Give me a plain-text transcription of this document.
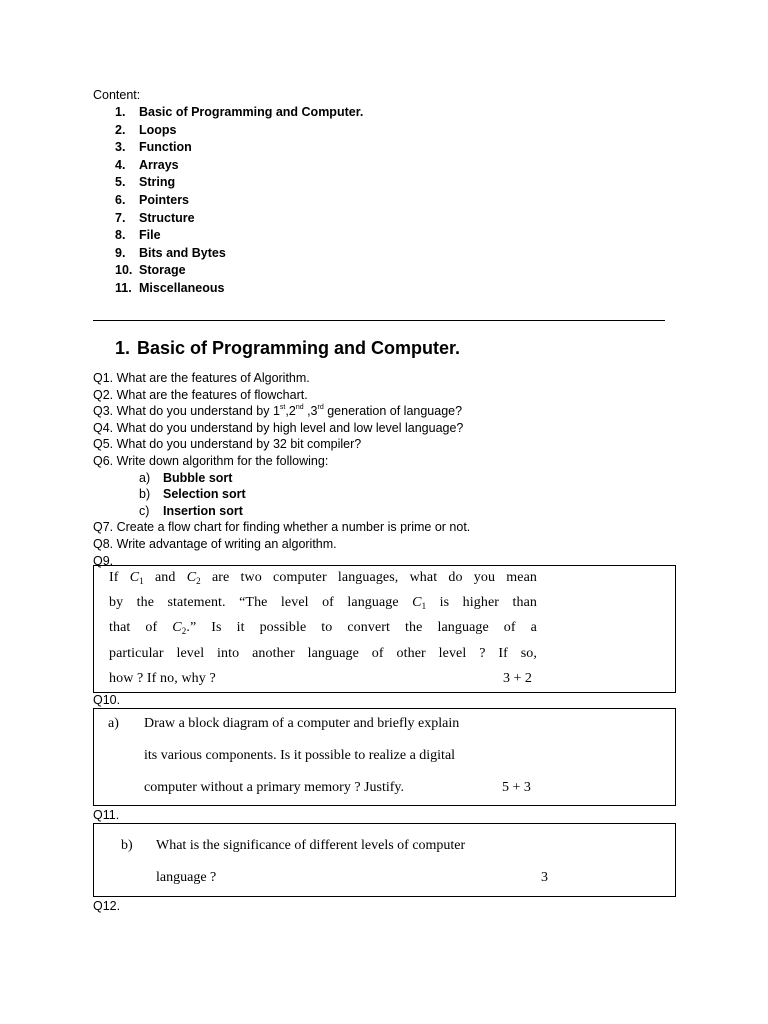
Content:
1.	Basic of Programming and Computer.
2.	Loops
3.	Function
4.	Arrays
5.	String
6.	Pointers
7.	Structure
8.	File
9.	Bits and Bytes
10. Storage
11. Miscellaneous
1. Basic of Programming and Computer.
Q1. What are the features of Algorithm.
Q2. What are the features of flowchart.
Q3. What do you understand by 1st,2nd ,3rd generation of language?
Q4. What do you understand by high level and low level language?
Q5. What do you understand by 32 bit compiler?
Q6. Write down algorithm for the following:
a)	Bubble sort
b)	Selection sort
c)	Insertion sort
Q7. Create a flow chart for finding whether a number is prime or not.
Q8. Write advantage of writing an algorithm.
Q9.

If $C_1$ and $C_2$ are two computer languages, what do you mean

by the statement. “The level of language $C_1$ is higher than

that of $C_2$.” Is it possible to convert the language of a

particular level into another language of other level ? If so,

how ? If no, why ?	3 + 2
Q10.
a) Draw a block diagram of a computer and briefly explain
its various components. Is it possible to realize a digital
computer without a primary memory ? Justify.	5 + 3
Q11.
b) What is the significance of different levels of computer
language ?	3
Q12.
